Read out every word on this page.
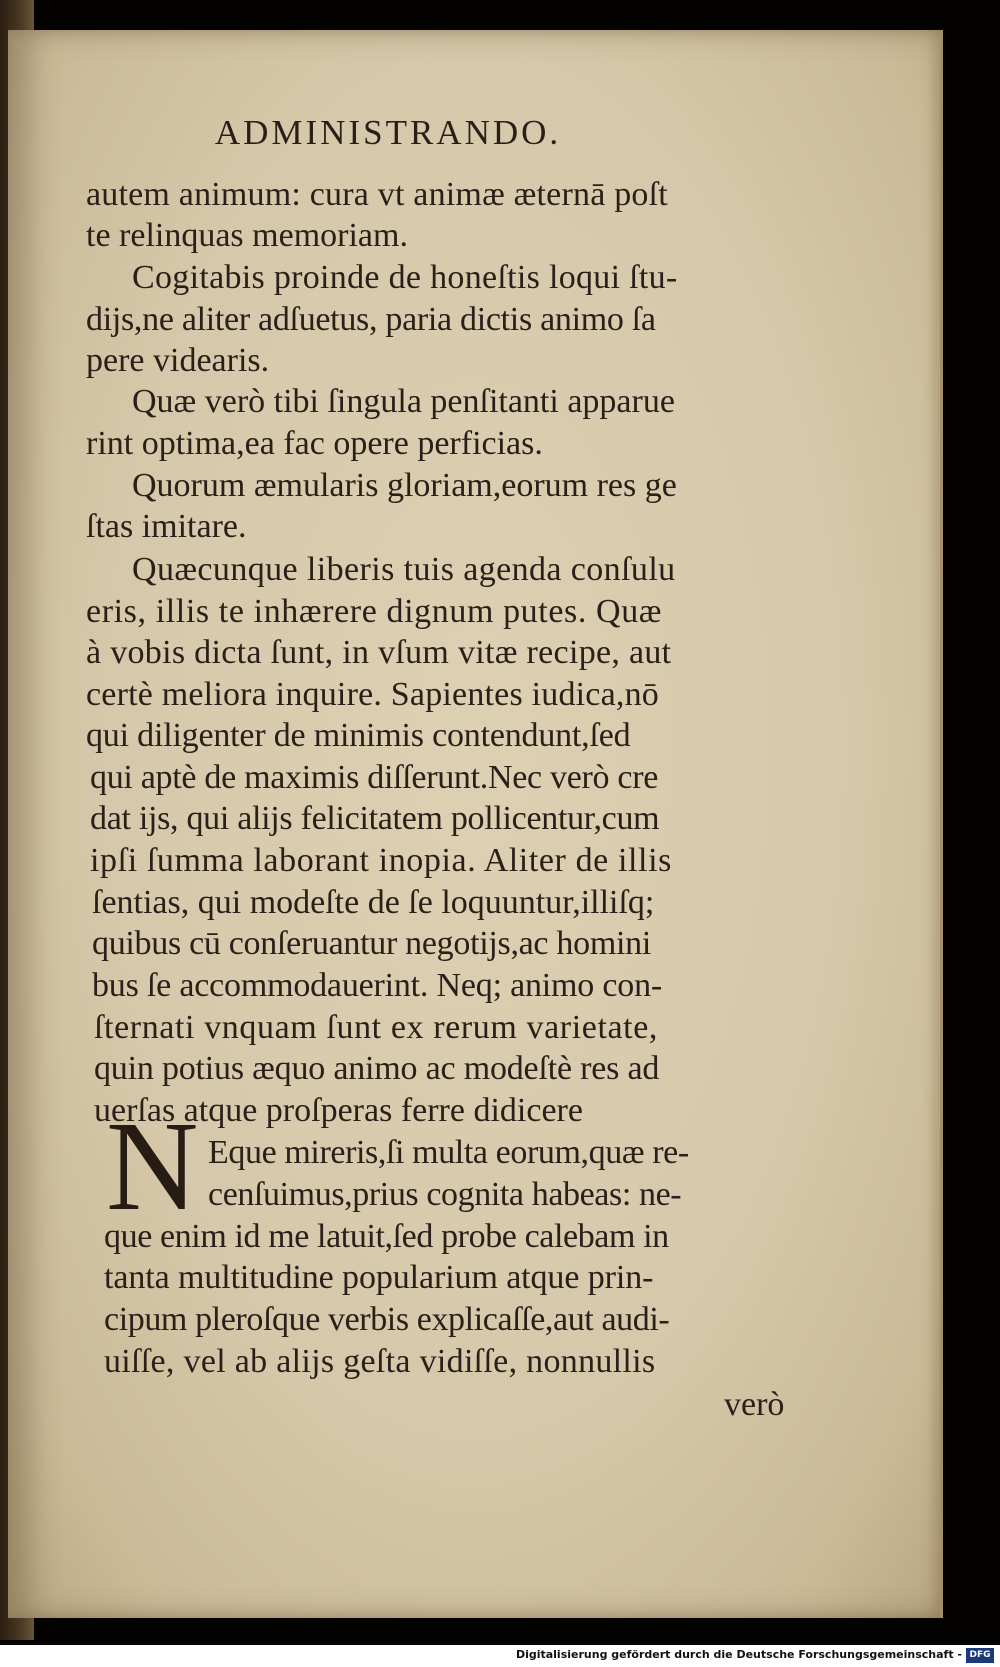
ADMINISTRANDO.
autem animum: cura vt animæ æternā poſt
te relinquas memoriam.
Cogitabis proinde de honeſtis loqui ſtu-
dijs,ne aliter adſuetus, paria dictis animo ſa
pere videaris.
Quæ verò tibi ſingula penſitanti apparue
rint optima,ea fac opere perficias.
Quorum æmularis gloriam,eorum res ge
ſtas imitare.
Quæcunque liberis tuis agenda conſulu
eris, illis te inhærere dignum putes. Quæ
à vobis dicta ſunt, in vſum vitæ recipe, aut
certè meliora inquire. Sapientes iudica,nō
qui diligenter de minimis contendunt,ſed
qui aptè de maximis diſſerunt.Nec verò cre
dat ijs, qui alijs felicitatem pollicentur,cum
ipſi ſumma laborant inopia. Aliter de illis
ſentias, qui modeſte de ſe loquuntur,illiſq;
quibus cū conſeruantur negotijs,ac homini
bus ſe accommodauerint. Neq; animo con-
ſternati vnquam ſunt ex rerum varietate,
quin potius æquo animo ac modeſtè res ad
uerſas atque proſperas ferre didicere
N Eque mireris,ſi multa eorum,quæ re-
cenſuimus,prius cognita habeas: ne-
que enim id me latuit,ſed probe calebam in
tanta multitudine popularium atque prin-
cipum pleroſque verbis explicaſſe,aut audi-
uiſſe, vel ab alijs geſta vidiſſe, nonnullis
verò
Digitalisierung gefördert durch die Deutsche Forschungsgemeinschaft - DFG
